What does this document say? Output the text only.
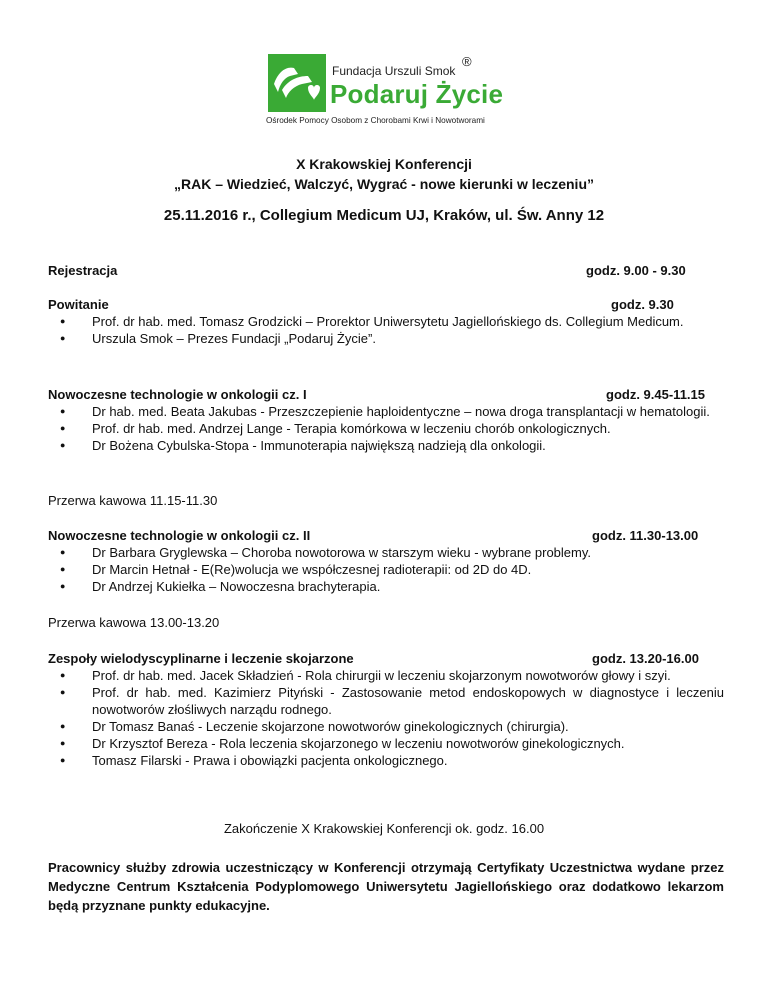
Fundacja Urszuli Smok
®
Podaruj Życie
Ośrodek Pomocy Osobom z Chorobami Krwi i Nowotworami
X Krakowskiej Konferencji
„RAK – Wiedzieć, Walczyć, Wygrać - nowe kierunki w leczeniu”
25.11.2016 r., Collegium Medicum UJ, Kraków, ul. Św. Anny 12
Rejestracja	godz. 9.00 - 9.30
Powitanie	godz. 9.30
● Prof. dr hab. med. Tomasz Grodzicki – Prorektor Uniwersytetu Jagiellońskiego ds. Collegium Medicum.
● Urszula Smok – Prezes Fundacji „Podaruj Życie”.
Nowoczesne technologie w onkologii cz. I	godz. 9.45-11.15
● Dr hab. med. Beata Jakubas - Przeszczepienie haploidentyczne – nowa droga transplantacji w hematologii.
● Prof. dr hab. med. Andrzej Lange - Terapia komórkowa w leczeniu chorób onkologicznych.
● Dr Bożena Cybulska-Stopa - Immunoterapia największą nadzieją dla onkologii.
Przerwa kawowa 11.15-11.30
Nowoczesne technologie w onkologii cz. II	godz. 11.30-13.00
● Dr Barbara Gryglewska – Choroba nowotorowa w starszym wieku - wybrane problemy.
● Dr Marcin Hetnał - E(Re)wolucja we współczesnej radioterapii: od 2D do 4D.
● Dr Andrzej Kukiełka – Nowoczesna brachyterapia.
Przerwa kawowa 13.00-13.20
Zespoły wielodyscyplinarne i leczenie skojarzone	godz. 13.20-16.00
● Prof. dr hab. med. Jacek Składzień - Rola chirurgii w leczeniu skojarzonym nowotworów głowy i szyi.
● Prof. dr hab. med. Kazimierz Pityński - Zastosowanie metod endoskopowych w diagnostyce i leczeniu nowotworów złośliwych narządu rodnego.
● Dr Tomasz Banaś - Leczenie skojarzone nowotworów ginekologicznych (chirurgia).
● Dr Krzysztof Bereza - Rola leczenia skojarzonego w leczeniu nowotworów ginekologicznych.
● Tomasz Filarski - Prawa i obowiązki pacjenta onkologicznego.
Zakończenie X Krakowskiej Konferencji ok. godz. 16.00
Pracownicy służby zdrowia uczestniczący w Konferencji otrzymają Certyfikaty Uczestnictwa wydane przez Medyczne Centrum Kształcenia Podyplomowego Uniwersytetu Jagiellońskiego oraz dodatkowo lekarzom będą przyznane punkty edukacyjne.
